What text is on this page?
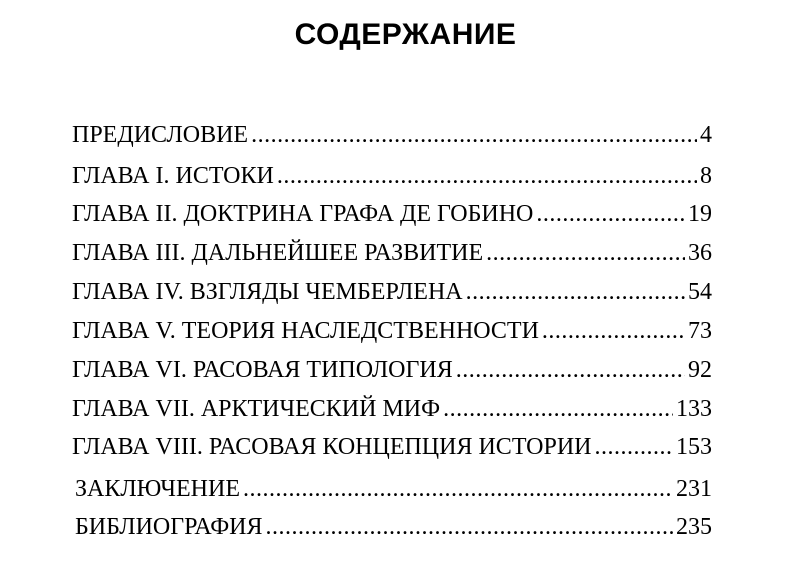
СОДЕРЖАНИЕ
ПРЕДИСЛОВИЕ .....	4
ГЛАВА I. ИСТОКИ .....	8
ГЛАВА II. ДОКТРИНА ГРАФА ДЕ ГОБИНО .....	19
ГЛАВА III. ДАЛЬНЕЙШЕЕ РАЗВИТИЕ .....	36
ГЛАВА IV. ВЗГЛЯДЫ ЧЕМБЕРЛЕНА .....	54
ГЛАВА V. ТЕОРИЯ НАСЛЕДСТВЕННОСТИ .....	73
ГЛАВА VI. РАСОВАЯ ТИПОЛОГИЯ .....	92
ГЛАВА VII. АРКТИЧЕСКИЙ МИФ .....	133
ГЛАВА VIII. РАСОВАЯ КОНЦЕПЦИЯ ИСТОРИИ .....	153
ЗАКЛЮЧЕНИЕ .....	231
БИБЛИОГРАФИЯ .....	235
